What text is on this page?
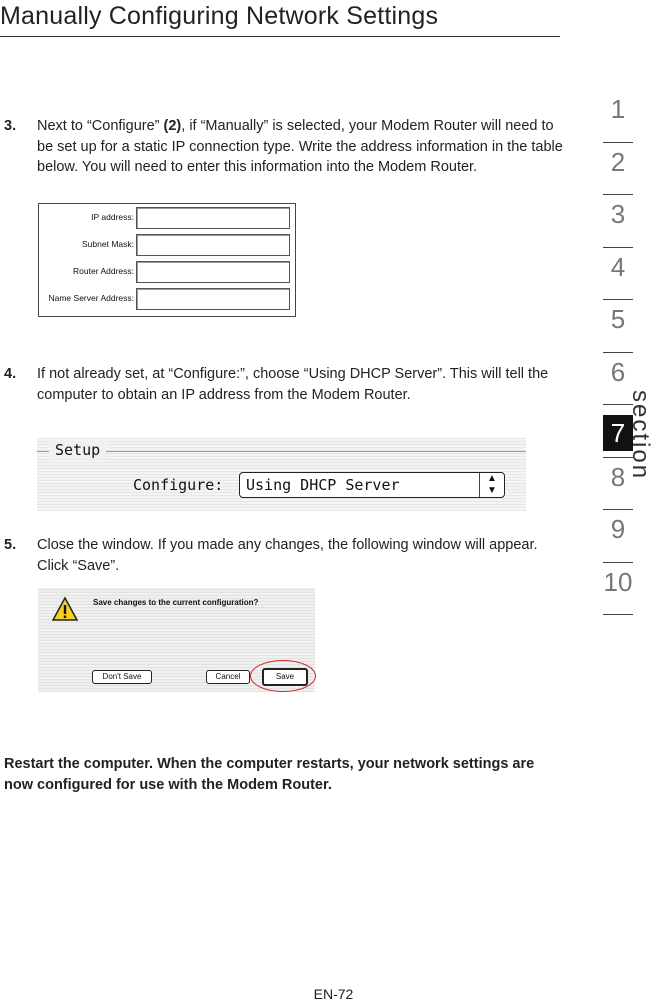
Manually Configuring Network Settings
3. Next to “Configure” (2), if “Manually” is selected, your Modem Router will need to be set up for a static IP connection type. Write the address information in the table below. You will need to enter this information into the Modem Router.
IP address:
Subnet Mask:
Router Address:
Name Server Address:
4. If not already set, at “Configure:”, choose “Using DHCP Server”. This will tell the computer to obtain an IP address from the Modem Router.
Setup
Configure: Using DHCP Server	▲
▼
5. Close the window. If you made any changes, the following window will appear. Click “Save”.
Save changes to the current configuration?
Don't Save	Cancel	Save
Restart the computer. When the computer restarts, your network settings are now configured for use with the Modem Router.
1
2
3
4
5
6
7
8
9
10
section
EN-72
